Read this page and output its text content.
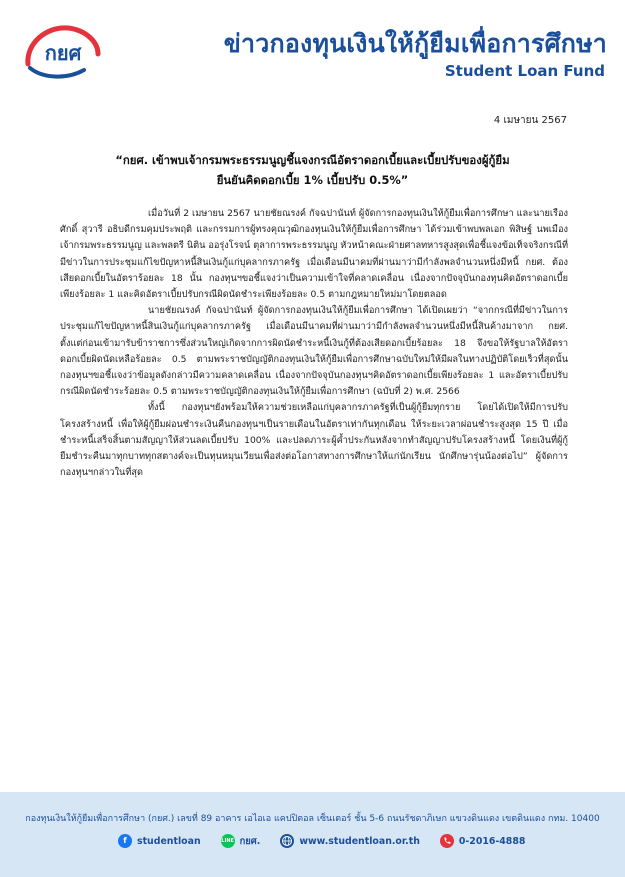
กยศ	ข่าวกองทุนเงินให้กู้ยืมเพื่อการศึกษา
Student Loan Fund
4 เมษายน 2567
“กยศ. เข้าพบเจ้ากรมพระธรรมนูญชี้แจงกรณีอัตราดอกเบี้ยและเบี้ยปรับของผู้กู้ยืม
ยืนยันคิดดอกเบี้ย 1% เบี้ยปรับ 0.5%”

เมื่อวันที่ 2 เมษายน 2567 นายชัยณรงค์ กัจฉปานันท์ ผู้จัดการกองทุนเงินให้กู้ยืมเพื่อการศึกษา และนายเรืองศักดิ์ สุวารี อธิบดีกรมคุมประพฤติ และกรรมการผู้ทรงคุณวุฒิกองทุนเงินให้กู้ยืมเพื่อการศึกษา ได้ร่วมเข้าพบพลเอก พิสิษฐ์ นพเมือง เจ้ากรมพระธรรมนูญ และพลตรี นิติน ออรุ่งโรจน์ ตุลาการพระธรรมนูญ หัวหน้าคณะฝ่ายศาลทหารสูงสุดเพื่อชี้แจงข้อเท็จจริงกรณีที่มีข่าวในการประชุมแก้ไขปัญหาหนี้สินเงินกู้แก่บุคลากรภาครัฐ เมื่อเดือนมีนาคมที่ผ่านมาว่ามีกำลังพลจำนวนหนึ่งมีหนี้ กยศ. ต้องเสียดอกเบี้ยในอัตราร้อยละ 18 นั้น กองทุนฯขอชี้แจงว่าเป็นความเข้าใจที่คลาดเคลื่อน เนื่องจากปัจจุบันกองทุนคิดอัตราดอกเบี้ยเพียงร้อยละ 1 และคิดอัตราเบี้ยปรับกรณีผิดนัดชำระเพียงร้อยละ 0.5 ตามกฎหมายใหม่มาโดยตลอด

นายชัยณรงค์ กัจฉปานันท์ ผู้จัดการกองทุนเงินให้กู้ยืมเพื่อการศึกษา ได้เปิดเผยว่า “จากกรณีที่มีข่าวในการประชุมแก้ไขปัญหาหนี้สินเงินกู้แก่บุคลากรภาครัฐ เมื่อเดือนมีนาคมที่ผ่านมาว่ามีกำลังพลจำนวนหนึ่งมีหนี้สินค้างมาจาก กยศ. ตั้งแต่ก่อนเข้ามารับข้าราชการซึ่งส่วนใหญ่เกิดจากการผิดนัดชำระหนี้เงินกู้ที่ต้องเสียดอกเบี้ยร้อยละ 18 จึงขอให้รัฐบาลให้อัตราดอกเบี้ยผิดนัดเหลือร้อยละ 0.5 ตามพระราชบัญญัติกองทุนเงินให้กู้ยืมเพื่อการศึกษาฉบับใหม่ให้มีผลในทางปฏิบัติโดยเร็วที่สุดนั้น กองทุนฯขอชี้แจงว่าข้อมูลดังกล่าวมีความคลาดเคลื่อน เนื่องจากปัจจุบันกองทุนฯคิดอัตราดอกเบี้ยเพียงร้อยละ 1 และอัตราเบี้ยปรับกรณีผิดนัดชำระร้อยละ 0.5 ตามพระราชบัญญัติกองทุนเงินให้กู้ยืมเพื่อการศึกษา (ฉบับที่ 2) พ.ศ. 2566

ทั้งนี้ กองทุนฯยังพร้อมให้ความช่วยเหลือแก่บุคลากรภาครัฐที่เป็นผู้กู้ยืมทุกราย โดยได้เปิดให้มีการปรับโครงสร้างหนี้ เพื่อให้ผู้กู้ยืมผ่อนชำระเงินคืนกองทุนฯเป็นรายเดือนในอัตราเท่ากันทุกเดือน ให้ระยะเวลาผ่อนชำระสูงสุด 15 ปี เมื่อชำระหนี้เสร็จสิ้นตามสัญญาให้ส่วนลดเบี้ยปรับ 100% และปลดภาระผู้ค้ำประกันหลังจากทำสัญญาปรับโครงสร้างหนี้ โดยเงินที่ผู้กู้ยืมชำระคืนมาทุกบาททุกสตางค์จะเป็นทุนหมุนเวียนเพื่อส่งต่อโอกาสทางการศึกษาให้แก่นักเรียน นักศึกษารุ่นน้องต่อไป” ผู้จัดการกองทุนฯกล่าวในที่สุด

กองทุนเงินให้กู้ยืมเพื่อการศึกษา (กยศ.) เลขที่ 89 อาคาร เอไอเอ แคปปิตอล เซ็นเตอร์ ชั้น 5-6 ถนนรัชดาภิเษก แขวงดินแดง เขตดินแดง กทม. 10400
f	studentloan	LINE กยศ.	www.studentloan.or.th	0-2016-4888
